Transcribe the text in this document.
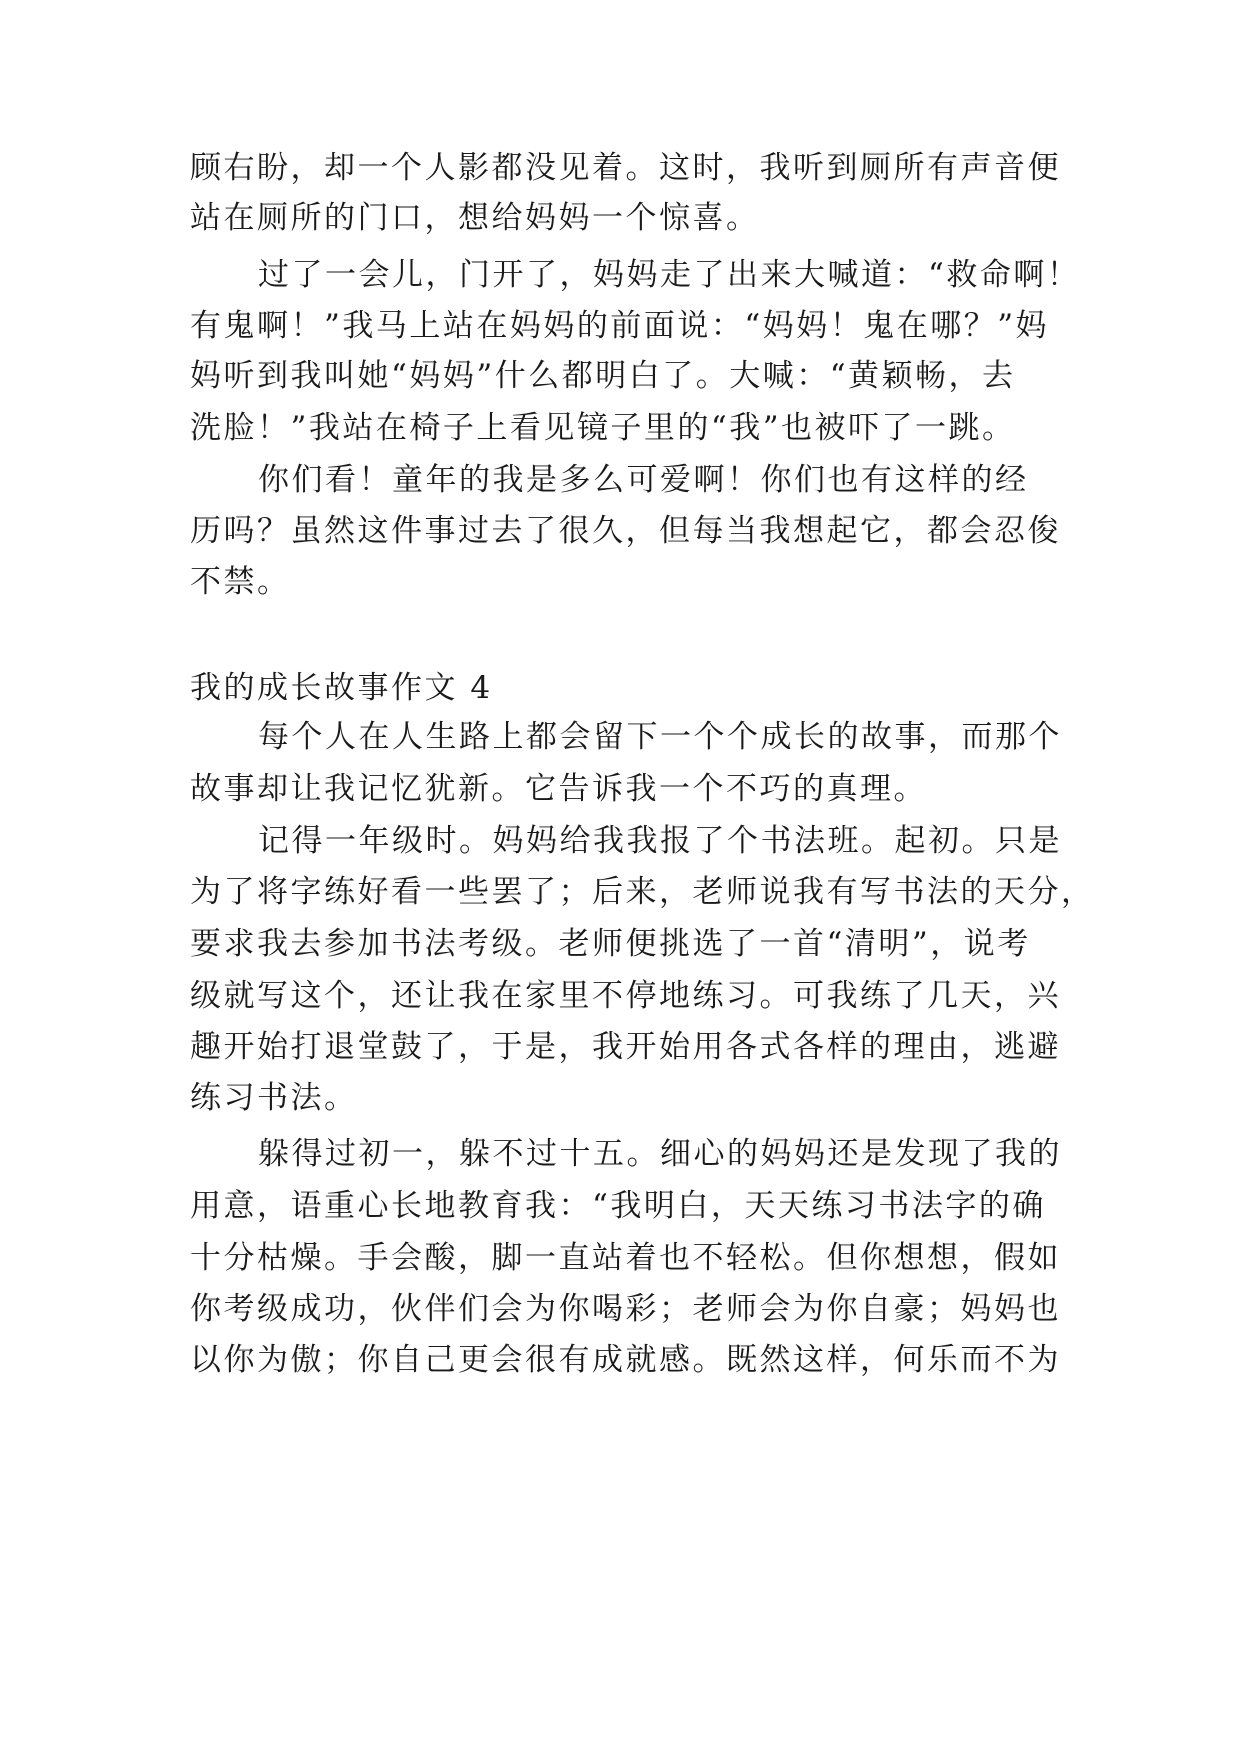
顾右盼，却一个人影都没见着。这时，我听到厕所有声音便
站在厕所的门口，想给妈妈一个惊喜。
过了一会儿，门开了，妈妈走了出来大喊道：“救命啊！
有鬼啊！”我马上站在妈妈的前面说：“妈妈！鬼在哪？”妈
妈听到我叫她“妈妈”什么都明白了。大喊：“黄颖畅，去
洗脸！”我站在椅子上看见镜子里的“我”也被吓了一跳。
你们看！童年的我是多么可爱啊！你们也有这样的经
历吗？虽然这件事过去了很久，但每当我想起它，都会忍俊
不禁。
我的成长故事作文 4
每个人在人生路上都会留下一个个成长的故事，而那个
故事却让我记忆犹新。它告诉我一个不巧的真理。
记得一年级时。妈妈给我我报了个书法班。起初。只是
为了将字练好看一些罢了；后来，老师说我有写书法的天分，
要求我去参加书法考级。老师便挑选了一首“清明”，说考
级就写这个，还让我在家里不停地练习。可我练了几天，兴
趣开始打退堂鼓了，于是，我开始用各式各样的理由，逃避
练习书法。
躲得过初一，躲不过十五。细心的妈妈还是发现了我的
用意，语重心长地教育我：“我明白，天天练习书法字的确
十分枯燥。手会酸，脚一直站着也不轻松。但你想想，假如
你考级成功，伙伴们会为你喝彩；老师会为你自豪；妈妈也
以你为傲；你自己更会很有成就感。既然这样，何乐而不为
